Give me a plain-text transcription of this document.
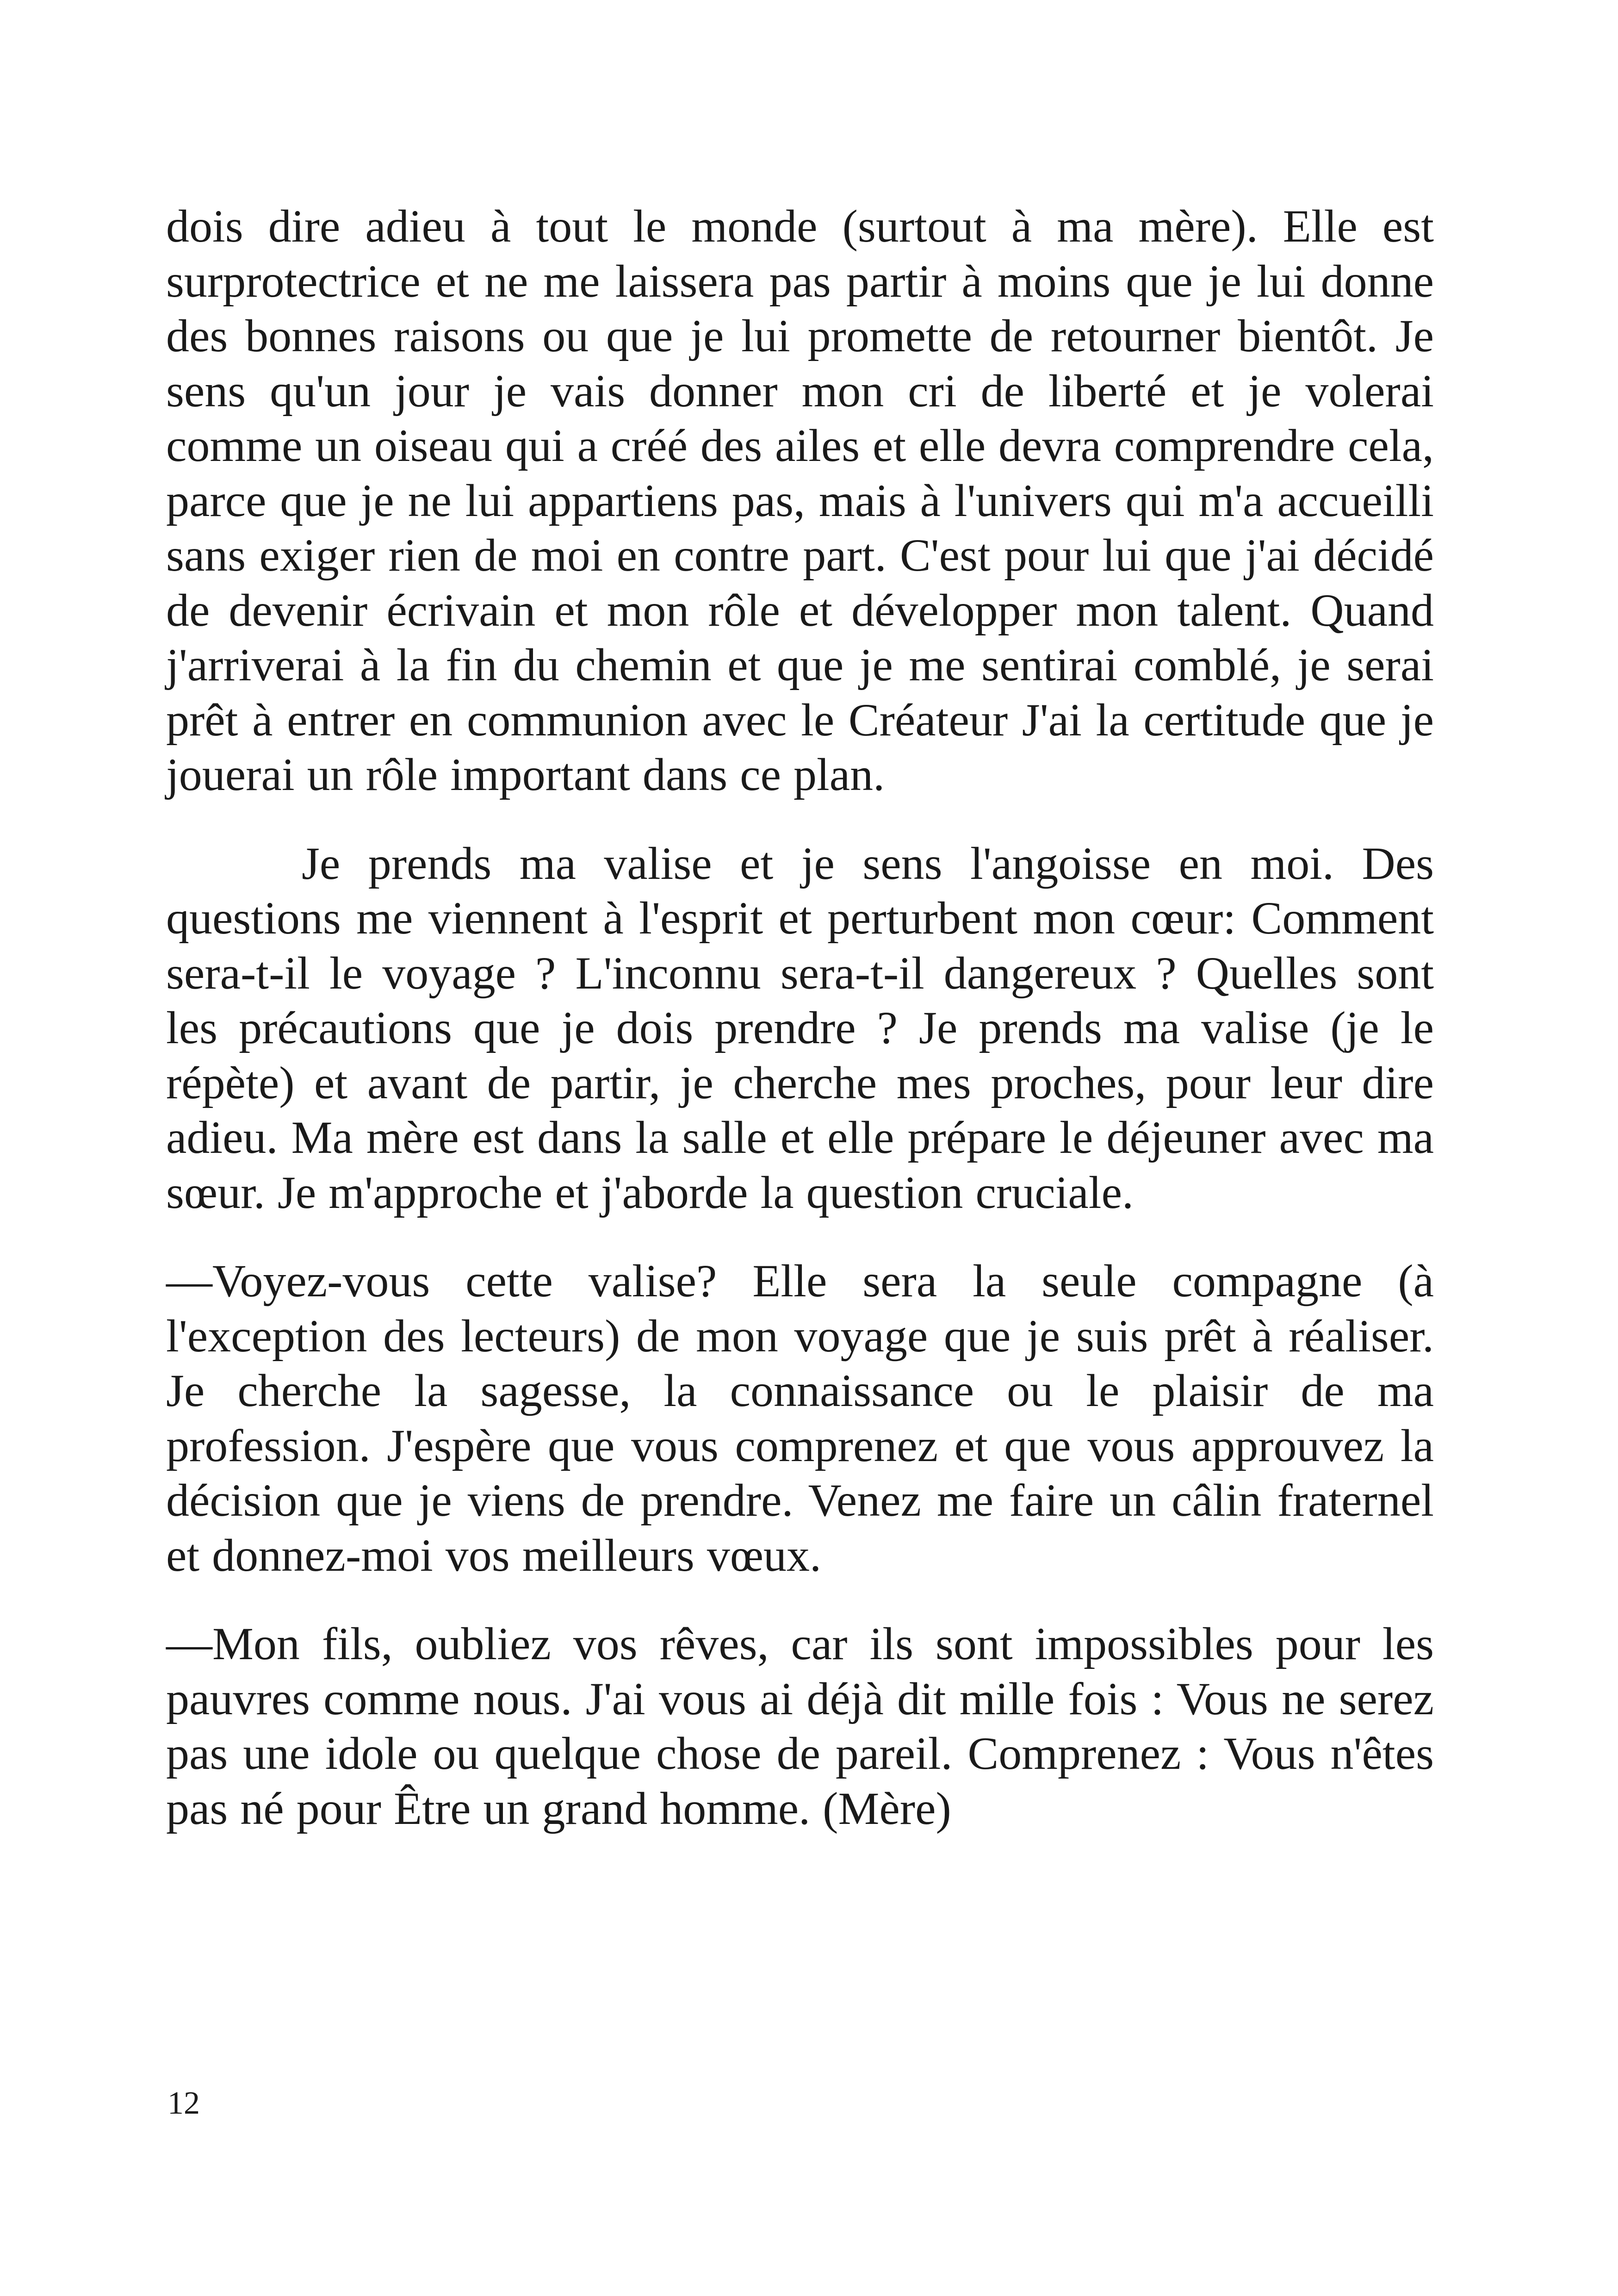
dois dire adieu à tout le monde (surtout à ma mère). Elle est surprotectrice et ne me laissera pas partir à moins que je lui donne des bonnes raisons ou que je lui promette de retourner bientôt. Je sens qu'un jour je vais donner mon cri de liberté et je volerai comme un oiseau qui a créé des ailes et elle devra comprendre cela, parce que je ne lui appartiens pas, mais à l'univers qui m'a accueilli sans exiger rien de moi en contre part. C'est pour lui que j'ai décidé de devenir écrivain et mon rôle et développer mon talent. Quand j'arriverai à la fin du chemin et que je me sentirai comblé, je serai prêt à entrer en communion avec le Créateur J'ai la certitude que je jouerai un rôle important dans ce plan.

Je prends ma valise et je sens l'angoisse en moi. Des questions me viennent à l'esprit et perturbent mon cœur: Comment sera-t-il le voyage ? L'inconnu sera-t-il dangereux ? Quelles sont les précautions que je dois prendre ? Je prends ma valise (je le répète) et avant de partir, je cherche mes proches, pour leur dire adieu. Ma mère est dans la salle et elle prépare le déjeuner avec ma sœur. Je m'approche et j'aborde la question cruciale.

—Voyez-vous cette valise? Elle sera la seule compagne (à l'exception des lecteurs) de mon voyage que je suis prêt à réaliser. Je cherche la sagesse, la connaissance ou le plaisir de ma profession. J'espère que vous comprenez et que vous approuvez la décision que je viens de prendre. Venez me faire un câlin fraternel et donnez-moi vos meilleurs vœux.

—Mon fils, oubliez vos rêves, car ils sont impossibles pour les pauvres comme nous. J'ai vous ai déjà dit mille fois : Vous ne serez pas une idole ou quelque chose de pareil. Comprenez : Vous n'êtes pas né pour Être un grand homme. (Mère)

12
